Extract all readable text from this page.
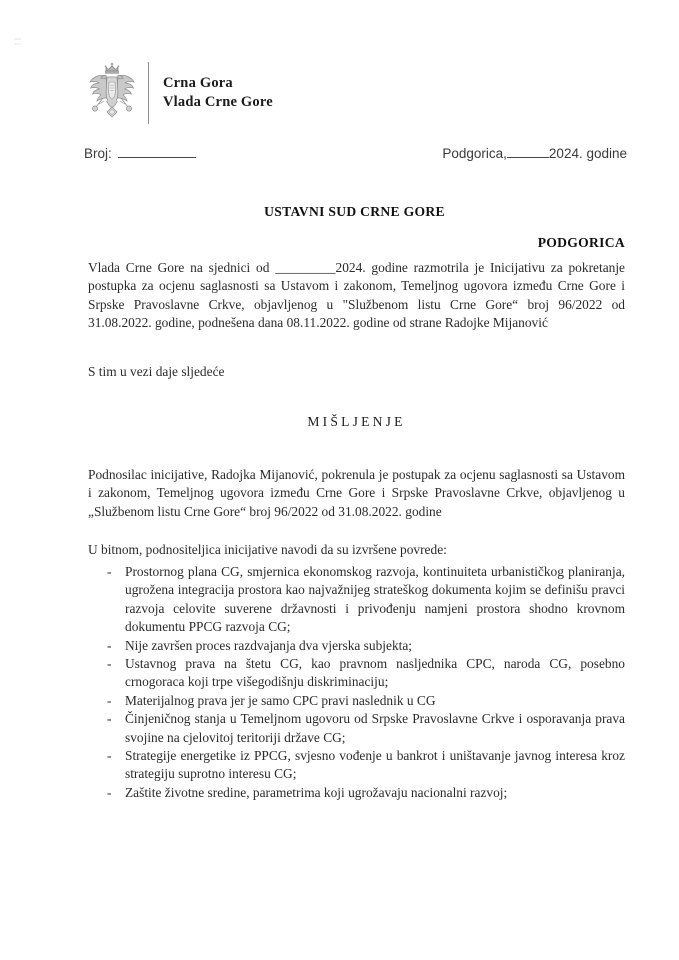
Crna Gora
Vlada Crne Gore
Broj:	Podgorica,	2024. godine
USTAVNI SUD CRNE GORE
PODGORICA
Vlada Crne Gore na sjednici od _________2024. godine razmotrila je Inicijativu za pokretanje postupka za ocjenu saglasnosti sa Ustavom i zakonom, Temeljnog ugovora između Crne Gore i Srpske Pravoslavne Crkve, objavljenog u "Službenom listu Crne Gore“ broj 96/2022 od 31.08.2022. godine, podnešena dana 08.11.2022. godine od strane Radojke Mijanović
S tim u vezi daje sljedeće
MIŠLJENJE
Podnosilac inicijative, Radojka Mijanović, pokrenula je postupak za ocjenu saglasnosti sa Ustavom i zakonom, Temeljnog ugovora između Crne Gore i Srpske Pravoslavne Crkve, objavljenog u „Službenom listu Crne Gore“ broj 96/2022 od 31.08.2022. godine
U bitnom, podnositeljica inicijative navodi da su izvršene povrede:
-	Prostornog plana CG, smjernica ekonomskog razvoja, kontinuiteta urbanističkog planiranja, ugrožena integracija prostora kao najvažnijeg strateškog dokumenta kojim se definišu pravci razvoja celovite suverene državnosti i privođenju namjeni prostora shodno krovnom dokumentu PPCG razvoja CG;
-	Nije završen proces razdvajanja dva vjerska subjekta;
-	Ustavnog prava na štetu CG, kao pravnom nasljednika CPC, naroda CG, posebno crnogoraca koji trpe višegodišnju diskriminaciju;
-	Materijalnog prava jer je samo CPC pravi naslednik u CG
-	Činjeničnog stanja u Temeljnom ugovoru od Srpske Pravoslavne Crkve i osporavanja prava svojine na cjelovitoj teritoriji države CG;
-	Strategije energetike iz PPCG, svjesno vođenje u bankrot i uništavanje javnog interesa kroz strategiju suprotno interesu CG;
-	Zaštite životne sredine, parametrima koji ugrožavaju nacionalni razvoj;
